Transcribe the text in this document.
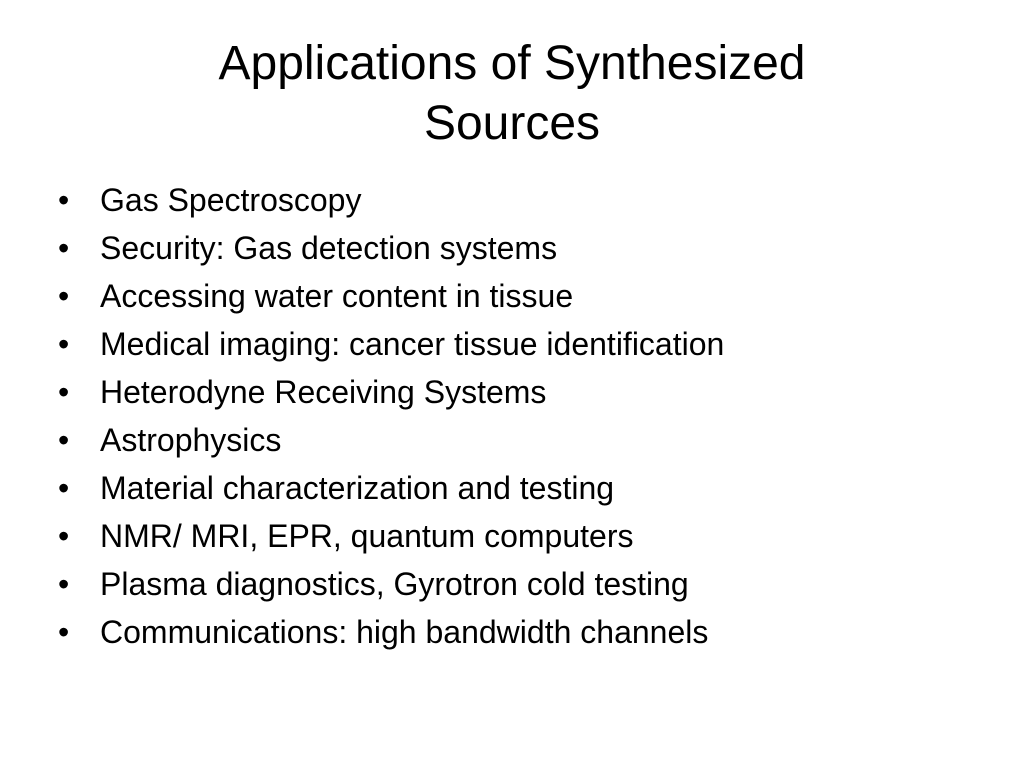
Applications of Synthesized
Sources
• Gas Spectroscopy
• Security: Gas detection systems
• Accessing water content in tissue
• Medical imaging: cancer tissue identification
• Heterodyne Receiving Systems
• Astrophysics
• Material characterization and testing
• NMR/ MRI, EPR, quantum computers
• Plasma diagnostics, Gyrotron cold testing
• Communications: high bandwidth channels
